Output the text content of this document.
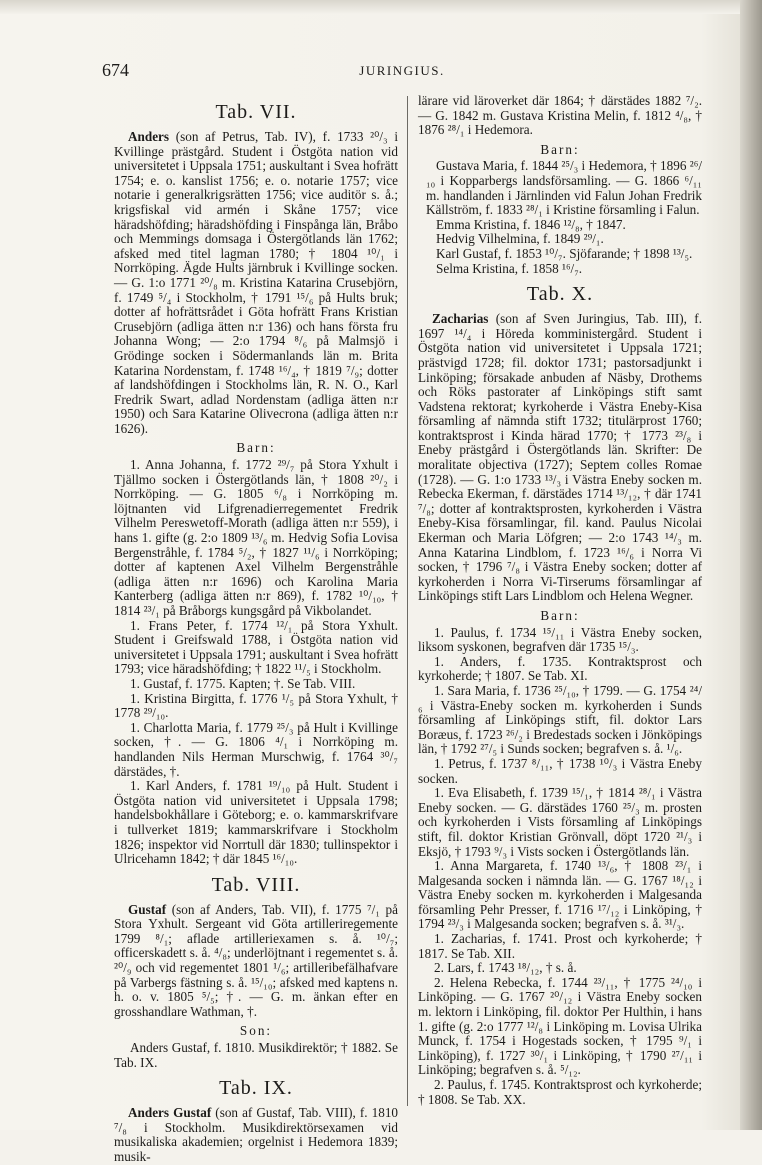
674	JURINGIUS.
Tab. VII.

Anders (son af Petrus, Tab. IV), f. 1733 ²⁰/₃ i Kvillinge prästgård. Student i Östgöta nation vid universitetet i Uppsala 1751; auskultant i Svea hofrätt 1754; e. o. kanslist 1756; e. o. notarie 1757; vice notarie i generalkrigsrätten 1756; vice auditör s. å.; krigsfiskal vid armén i Skåne 1757; vice häradshöfding; häradshöfding i Finspånga län, Bråbo och Memmings domsaga i Östergötlands län 1762; afsked med titel lagman 1780; † 1804 ¹⁰/₁ i Norrköping. Ägde Hults järnbruk i Kvillinge socken. — G. 1:o 1771 ²⁰/₈ m. Kristina Katarina Crusebjörn, f. 1749 ⁵/₄ i Stockholm, † 1791 ¹⁵/₆ på Hults bruk; dotter af hofrättsrådet i Göta hofrätt Frans Kristian Crusebjörn (adliga ätten n:r 136) och hans första fru Johanna Wong; — 2:o 1794 ⁸/₆ på Malmsjö i Grödinge socken i Södermanlands län m. Brita Katarina Nordenstam, f. 1748 ¹⁶/₄, † 1819 ⁷/₉; dotter af landshöfdingen i Stockholms län, R. N. O., Karl Fredrik Swart, adlad Nordenstam (adliga ätten n:r 1950) och Sara Katarine Olivecrona (adliga ätten n:r 1626).

Barn:

1. Anna Johanna, f. 1772 ²⁹/₇ på Stora Yxhult i Tjällmo socken i Östergötlands län, † 1808 ²⁰/₂ i Norrköping. — G. 1805 ⁶/₈ i Norrköping m. löjtnanten vid Lifgrenadierregementet Fredrik Vilhelm Pereswetoff-Morath (adliga ätten n:r 559), i hans 1. gifte (g. 2:o 1809 ¹³/₆ m. Hedvig Sofia Lovisa Bergenstråhle, f. 1784 ⁵/₂, † 1827 ¹¹/₆ i Norrköping; dotter af kaptenen Axel Vilhelm Bergenstråhle (adliga ätten n:r 1696) och Karolina Maria Kanterberg (adliga ätten n:r 869), f. 1782 ¹⁰/₁₀, † 1814 ²³/₁ på Bråborgs kungsgård på Vikbolandet.

1. Frans Peter, f. 1774 ¹²/₁ på Stora Yxhult. Student i Greifswald 1788, i Östgöta nation vid universitetet i Uppsala 1791; auskultant i Svea hofrätt 1793; vice häradshöfding; † 1822 ¹¹/₅ i Stockholm.

1. Gustaf, f. 1775. Kapten; †. Se Tab. VIII.

1. Kristina Birgitta, f. 1776 ¹/₅ på Stora Yxhult, † 1778 ²⁹/₁₀.

1. Charlotta Maria, f. 1779 ²⁵/₃ på Hult i Kvillinge socken, †. — G. 1806 ⁴/₁ i Norrköping m. handlanden Nils Herman Murschwig, f. 1764 ³⁰/₇ därstädes, †.

1. Karl Anders, f. 1781 ¹⁹/₁₀ på Hult. Student i Östgöta nation vid universitetet i Uppsala 1798; handelsbokhållare i Göteborg; e. o. kammarskrifvare i tullverket 1819; kammarskrifvare i Stockholm 1826; inspektor vid Norrtull där 1830; tullinspektor i Ulricehamn 1842; † där 1845 ¹⁶/₁₀.

Tab. VIII.

Gustaf (son af Anders, Tab. VII), f. 1775 ⁷/₁ på Stora Yxhult. Sergeant vid Göta artilleriregemente 1799 ⁸/₁; aflade artilleriexamen s. å. ¹⁰/₇; officerskadett s. å. ⁴/₈; underlöjtnant i regementet s. å. ²⁰/₉ och vid regementet 1801 ¹/₆; artilleribefälhafvare på Varbergs fästning s. å. ¹⁵/₁₀; afsked med kaptens n. h. o. v. 1805 ⁵/₅; †. — G. m. änkan efter en grosshandlare Wathman, †.

Son:

Anders Gustaf, f. 1810. Musikdirektör; † 1882. Se Tab. IX.

Tab. IX.

Anders Gustaf (son af Gustaf, Tab. VIII), f. 1810 ⁷/₈ i Stockholm. Musikdirektörsexamen vid musikaliska akademien; orgelnist i Hedemora 1839; musik-

lärare vid läroverket där 1864; † därstädes 1882 ⁷/₂. — G. 1842 m. Gustava Kristina Melin, f. 1812 ⁴/₈, † 1876 ²⁸/₁ i Hedemora.

Barn:

Gustava Maria, f. 1844 ²⁵/₃ i Hedemora, † 1896 ²⁶/₁₀ i Kopparbergs landsförsamling. — G. 1866 ⁶/₁₁ m. handlanden i Järnlinden vid Falun Johan Fredrik Källström, f. 1833 ²⁸/₁ i Kristine församling i Falun.

Emma Kristina, f. 1846 ¹²/₈, † 1847.

Hedvig Vilhelmina, f. 1849 ²⁹/₁.

Karl Gustaf, f. 1853 ¹⁰/₇. Sjöfarande; † 1898 ¹³/₅.

Selma Kristina, f. 1858 ¹⁶/₇.

Tab. X.

Zacharias (son af Sven Juringius, Tab. III), f. 1697 ¹⁴/₄ i Höreda komministergård. Student i Östgöta nation vid universitetet i Uppsala 1721; prästvigd 1728; fil. doktor 1731; pastorsadjunkt i Linköping; försakade anbuden af Näsby, Drothems och Röks pastorater af Linköpings stift samt Vadstena rektorat; kyrkoherde i Västra Eneby-Kisa församling af nämnda stift 1732; titulärprost 1760; kontraktsprost i Kinda härad 1770; † 1773 ²³/₈ i Eneby prästgård i Östergötlands län. Skrifter: De moralitate objectiva (1727); Septem colles Romae (1728). — G. 1:o 1733 ¹³/₃ i Västra Eneby socken m. Rebecka Ekerman, f. därstädes 1714 ¹³/₁₂, † där 1741 ⁷/₈; dotter af kontraktsprosten, kyrkoherden i Västra Eneby-Kisa församlingar, fil. kand. Paulus Nicolai Ekerman och Maria Löfgren; — 2:o 1743 ¹⁴/₃ m. Anna Katarina Lindblom, f. 1723 ¹⁶/₆ i Norra Vi socken, † 1796 ⁷/₈ i Västra Eneby socken; dotter af kyrkoherden i Norra Vi-Tirserums församlingar af Linköpings stift Lars Lindblom och Helena Wegner.

Barn:

1. Paulus, f. 1734 ¹⁵/₁₁ i Västra Eneby socken, liksom syskonen, begrafven där 1735 ¹⁵/₃.

1. Anders, f. 1735. Kontraktsprost och kyrkoherde; † 1807. Se Tab. XI.

1. Sara Maria, f. 1736 ²⁵/₁₀, † 1799. — G. 1754 ²⁴/₆ i Västra-Eneby socken m. kyrkoherden i Sunds församling af Linköpings stift, fil. doktor Lars Boræus, f. 1723 ²⁶/₂ i Bredestads socken i Jönköpings län, † 1792 ²⁷/₅ i Sunds socken; begrafven s. å. ¹/₆.

1. Petrus, f. 1737 ⁸/₁₁, † 1738 ¹⁰/₃ i Västra Eneby socken.

1. Eva Elisabeth, f. 1739 ¹⁵/₁, † 1814 ²⁸/₁ i Västra Eneby socken. — G. därstädes 1760 ²⁵/₃ m. prosten och kyrkoherden i Vists församling af Linköpings stift, fil. doktor Kristian Grönvall, döpt 1720 ²¹/₃ i Eksjö, † 1793 ⁹/₃ i Vists socken i Östergötlands län.

1. Anna Margareta, f. 1740 ¹³/₆, † 1808 ²³/₁ i Malgesanda socken i nämnda län. — G. 1767 ¹⁸/₁₂ i Västra Eneby socken m. kyrkoherden i Malgesanda församling Pehr Presser, f. 1716 ¹⁷/₁₂ i Linköping, † 1794 ²³/₃ i Malgesanda socken; begrafven s. å. ³¹/₃.

1. Zacharias, f. 1741. Prost och kyrkoherde; † 1817. Se Tab. XII.

2. Lars, f. 1743 ¹⁸/₁₂, † s. å.

2. Helena Rebecka, f. 1744 ²³/₁₁, † 1775 ²⁴/₁₀ i Linköping. — G. 1767 ²⁰/₁₂ i Västra Eneby socken m. lektorn i Linköping, fil. doktor Per Hulthin, i hans 1. gifte (g. 2:o 1777 ¹²/₈ i Linköping m. Lovisa Ulrika Munck, f. 1754 i Hogestads socken, † 1795 ⁹/₁ i Linköping), f. 1727 ³⁰/₁ i Linköping, † 1790 ²⁷/₁₁ i Linköping; begrafven s. å. ⁵/₁₂.

2. Paulus, f. 1745. Kontraktsprost och kyrkoherde; † 1808. Se Tab. XX.
